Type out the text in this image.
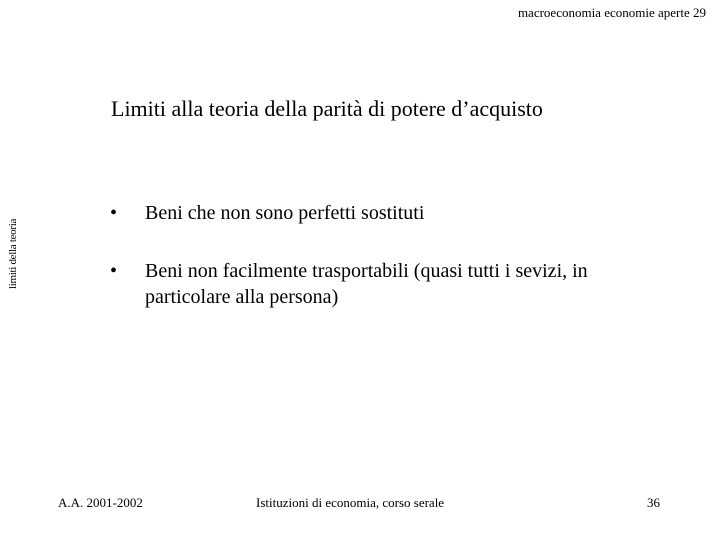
macroeconomia economie aperte 29
limiti della teoria
Limiti alla teoria della parità di potere d’acquisto
• Beni che non sono perfetti sostituti
• Beni non facilmente trasportabili (quasi tutti i sevizi, in particolare alla persona)
A.A. 2001-2002	Istituzioni di economia, corso serale	36
